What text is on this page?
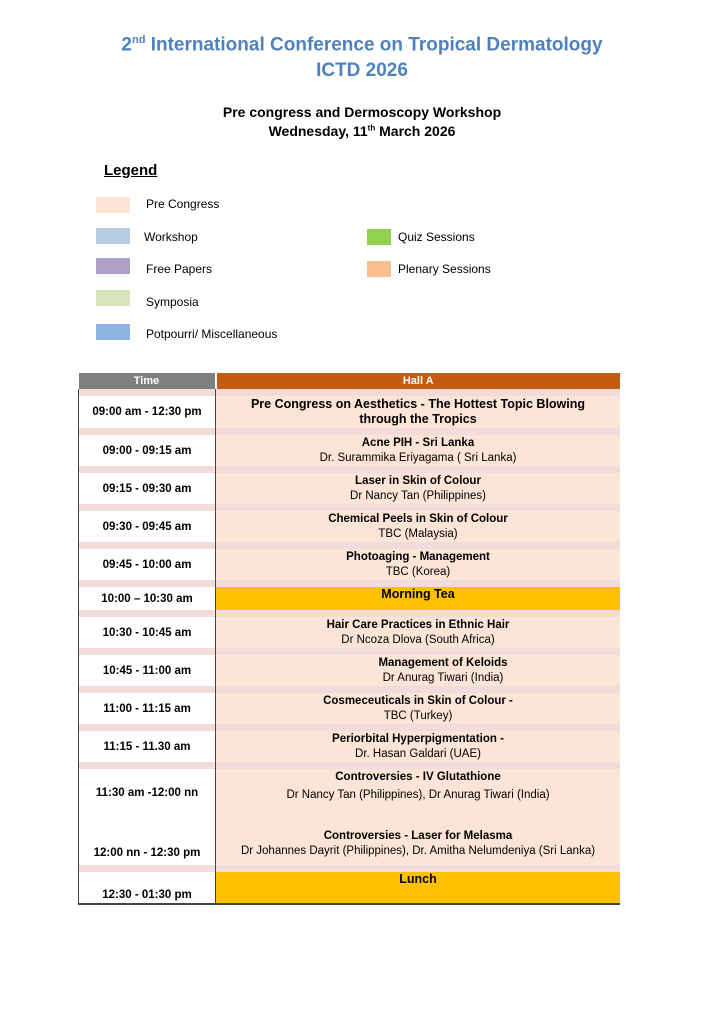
2nd International Conference on Tropical Dermatology
ICTD 2026
Pre congress and Dermoscopy Workshop
Wednesday, 11th March 2026
Legend
Pre Congress
Workshop
Free Papers
Symposia
Potpourri/ Miscellaneous
Quiz Sessions
Plenary Sessions
Time	Hall A

09:00 am - 12:30 pm	Pre Congress on Aesthetics - The Hottest Topic Blowing through the Tropics

09:00 - 09:15 am	Acne PIH - Sri Lanka
Dr. Surammika Eriyagama ( Sri Lanka)

09:15 - 09:30 am	Laser in Skin of Colour
Dr Nancy Tan (Philippines)

09:30 - 09:45 am	Chemical Peels in Skin of Colour
TBC (Malaysia)

09:45 - 10:00 am	Photoaging - Management
TBC (Korea)

10:00 – 10:30 am	Morning Tea

10:30 - 10:45 am	Hair Care Practices in Ethnic Hair
Dr Ncoza Dlova (South Africa)

10:45 - 11:00 am	Management of Keloids
Dr Anurag Tiwari (India)

11:00 - 11:15 am	Cosmeceuticals in Skin of Colour -
TBC (Turkey)

11:15 - 11.30 am	Periorbital Hyperpigmentation -
Dr. Hasan Galdari (UAE)

11:30 am -12:00 nn	Controversies - IV Glutathione
Dr Nancy Tan (Philippines), Dr Anurag Tiwari (India)

12:00 nn - 12:30 pm	Controversies - Laser for Melasma
Dr Johannes Dayrit (Philippines), Dr. Amitha Nelumdeniya (Sri Lanka)

12:30 - 01:30 pm	Lunch
